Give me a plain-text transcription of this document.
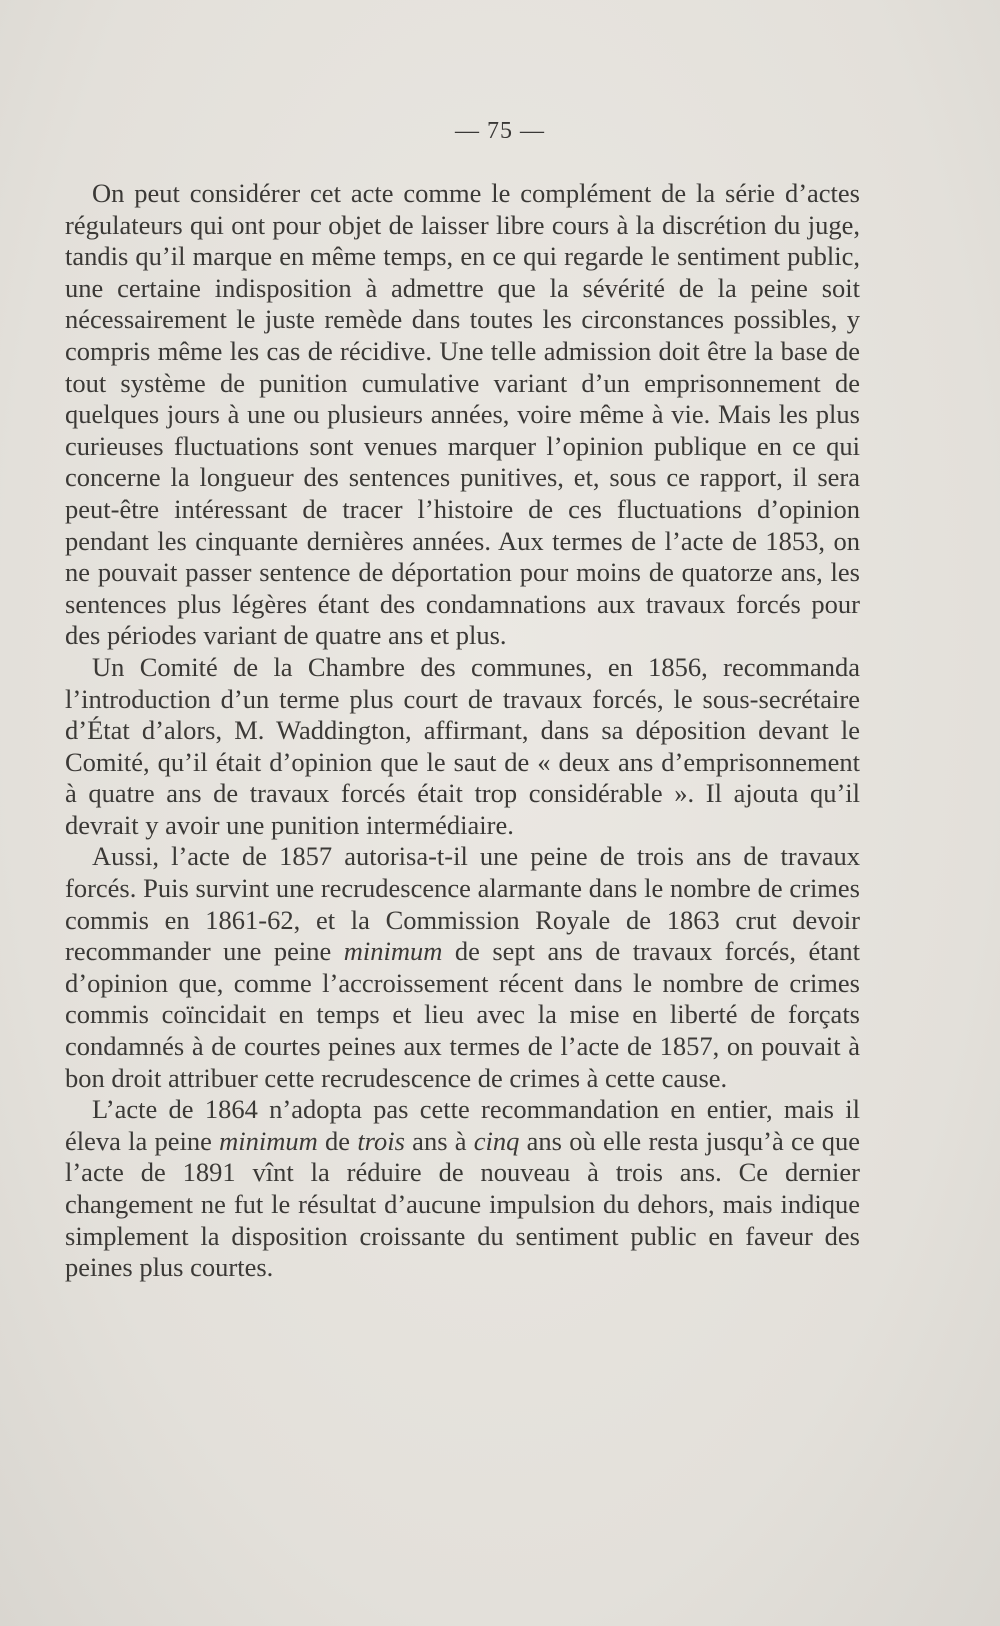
— 75 —

On peut considérer cet acte comme le complément de la série d’actes régulateurs qui ont pour objet de laisser libre cours à la discrétion du juge, tandis qu’il marque en même temps, en ce qui regarde le sentiment public, une certaine indisposition à admettre que la sévérité de la peine soit nécessairement le juste remède dans toutes les circonstances possibles, y compris même les cas de récidive. Une telle admission doit être la base de tout système de punition cumulative variant d’un emprisonnement de quelques jours à une ou plusieurs années, voire même à vie. Mais les plus curieuses fluctuations sont venues marquer l’opinion publique en ce qui concerne la longueur des sentences punitives, et, sous ce rapport, il sera peut-être intéressant de tracer l’histoire de ces fluctuations d’opinion pendant les cinquante dernières années. Aux termes de l’acte de 1853, on ne pouvait passer sentence de déportation pour moins de quatorze ans, les sentences plus légères étant des condamnations aux travaux forcés pour des périodes variant de quatre ans et plus.

Un Comité de la Chambre des communes, en 1856, recommanda l’introduction d’un terme plus court de travaux forcés, le sous-secrétaire d’État d’alors, M. Waddington, affirmant, dans sa déposition devant le Comité, qu’il était d’opinion que le saut de « deux ans d’emprisonnement à quatre ans de travaux forcés était trop considérable ». Il ajouta qu’il devrait y avoir une punition intermédiaire.

Aussi, l’acte de 1857 autorisa-t-il une peine de trois ans de travaux forcés. Puis survint une recrudescence alarmante dans le nombre de crimes commis en 1861-62, et la Commission Royale de 1863 crut devoir recommander une peine minimum de sept ans de travaux forcés, étant d’opinion que, comme l’accroissement récent dans le nombre de crimes commis coïncidait en temps et lieu avec la mise en liberté de forçats condamnés à de courtes peines aux termes de l’acte de 1857, on pouvait à bon droit attribuer cette recrudescence de crimes à cette cause.

L’acte de 1864 n’adopta pas cette recommandation en entier, mais il éleva la peine minimum de trois ans à cinq ans où elle resta jusqu’à ce que l’acte de 1891 vînt la réduire de nouveau à trois ans. Ce dernier changement ne fut le résultat d’aucune impulsion du dehors, mais indique simplement la disposition croissante du sentiment public en faveur des peines plus courtes.
